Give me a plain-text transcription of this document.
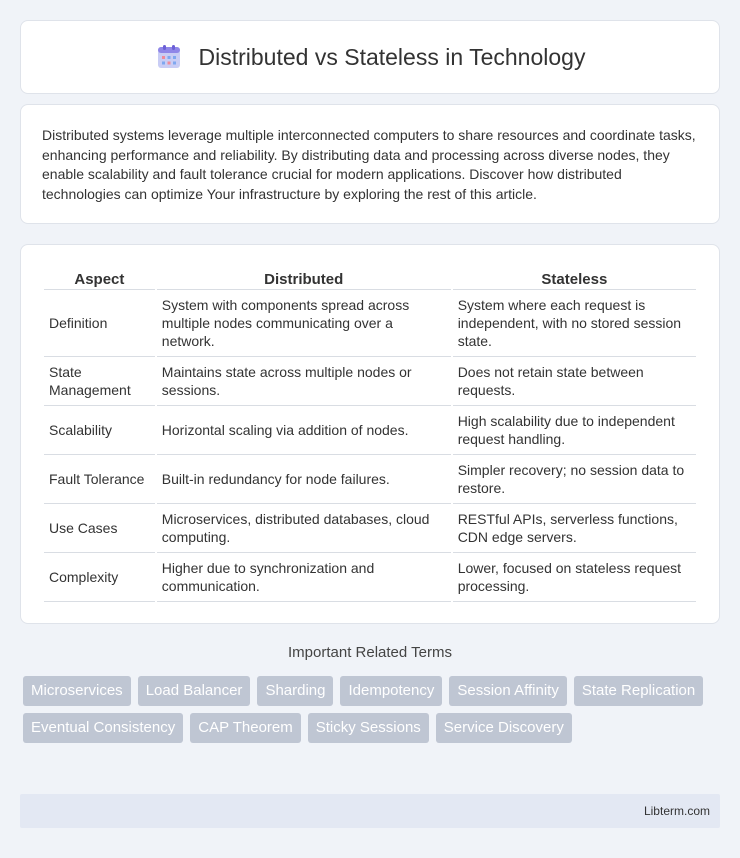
Distributed vs Stateless in Technology

Distributed systems leverage multiple interconnected computers to share resources and coordinate tasks, enhancing performance and reliability. By distributing data and processing across diverse nodes, they enable scalability and fault tolerance crucial for modern applications. Discover how distributed technologies can optimize Your infrastructure by exploring the rest of this article.

Aspect	Distributed	Stateless
Definition	System with components spread across multiple nodes communicating over a network.	System where each request is independent, with no stored session state.
State Management	Maintains state across multiple nodes or sessions.	Does not retain state between requests.
Scalability	Horizontal scaling via addition of nodes.	High scalability due to independent request handling.
Fault Tolerance	Built-in redundancy for node failures.	Simpler recovery; no session data to restore.
Use Cases	Microservices, distributed databases, cloud computing.	RESTful APIs, serverless functions, CDN edge servers.
Complexity	Higher due to synchronization and communication.	Lower, focused on stateless request processing.
Important Related Terms
Microservices	Load Balancer	Sharding	Idempotency	Session Affinity	State Replication
Eventual Consistency	CAP Theorem	Sticky Sessions	Service Discovery
Libterm.com
